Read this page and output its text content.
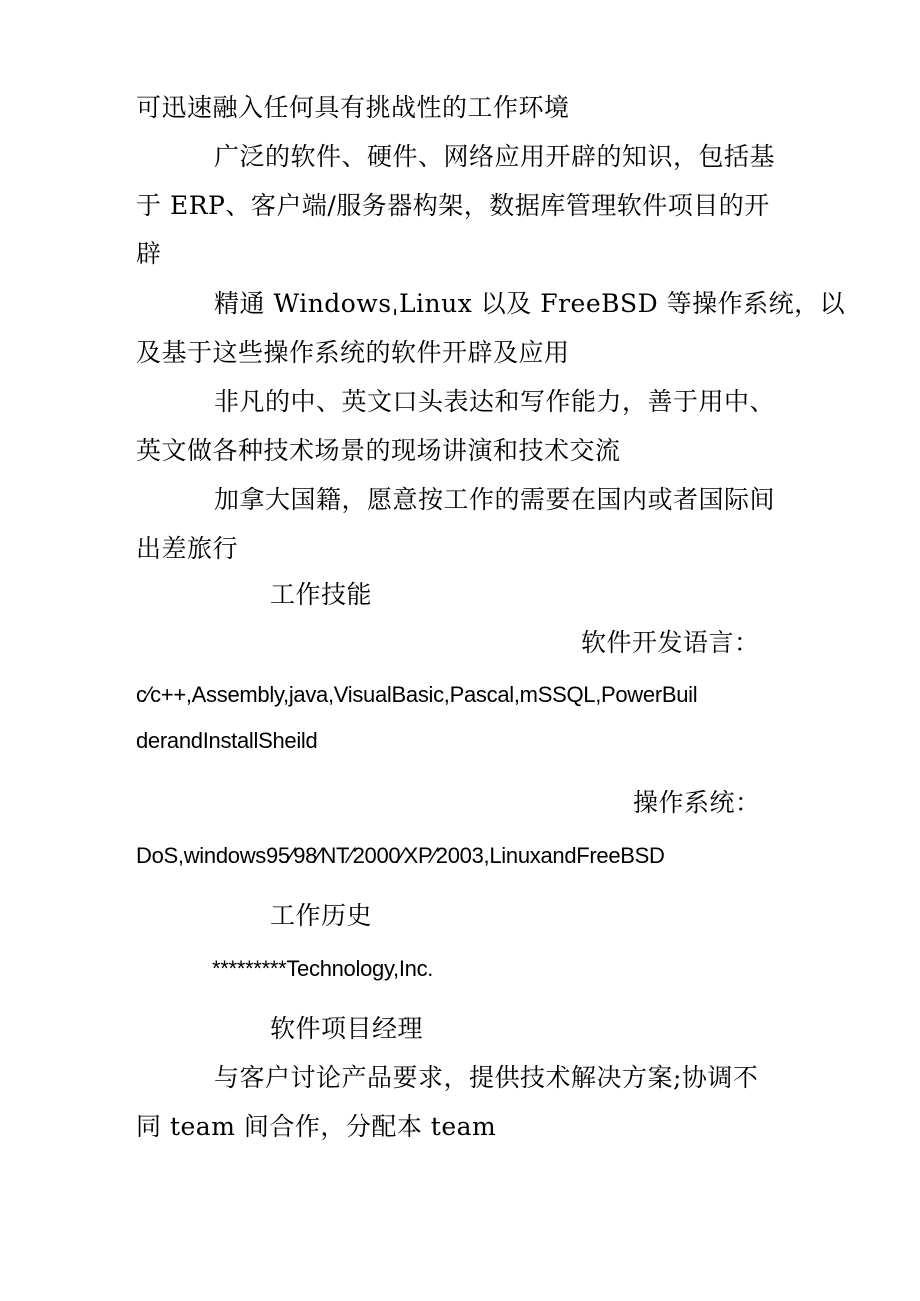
可迅速融入任何具有挑战性的工作环境
广泛的软件、硬件、网络应用开辟的知识，包括基
于 ERP、客户端/服务器构架，数据库管理软件项目的开
辟
精通 WindowsˌLinux 以及 FreeBSD 等操作系统，以
及基于这些操作系统的软件开辟及应用
非凡的中、英文口头表达和写作能力，善于用中、
英文做各种技术场景的现场讲演和技术交流
加拿大国籍，愿意按工作的需要在国内或者国际间
出差旅行
工作技能
软件开发语言：
c⁄c++,Assembly,java,VisualBasic,Pascal,mSSQL,PowerBuil
derandInstallSheild
操作系统：
DoS,windows95⁄98⁄NT⁄2000⁄XP⁄2003,LinuxandFreeBSD
工作历史
*********Technology,Inc.
软件项目经理
与客户讨论产品要求，提供技术解决方案;协调不
同 team 间合作，分配本 team
